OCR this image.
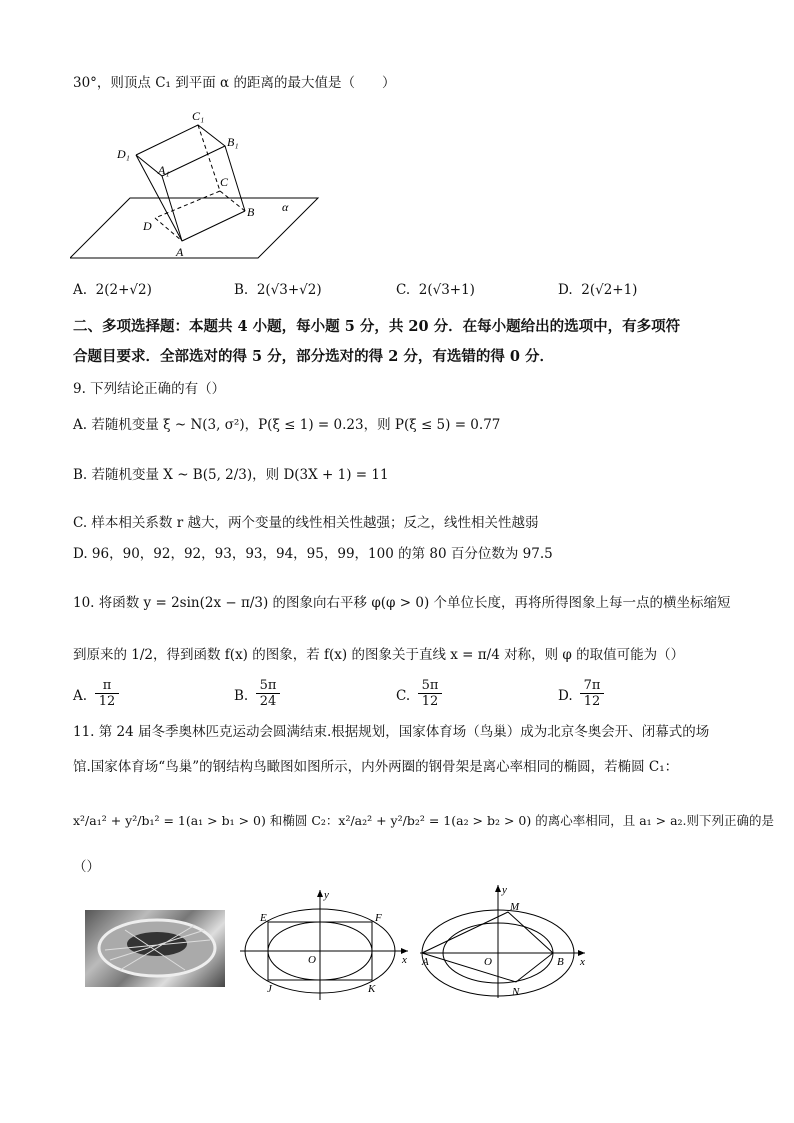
30°，则顶点 C₁ 到平面 α 的距离的最大值是（　　）
C₁
B₁
D₁
A₁
C
B
D
A
α
A. 2(2+√2)	B. 2(√3+√2)	C. 2(√3+1)	D. 2(√2+1)
二、多项选择题：本题共 4 小题，每小题 5 分，共 20 分．在每小题给出的选项中，有多项符
合题目要求．全部选对的得 5 分，部分选对的得 2 分，有选错的得 0 分．
9. 下列结论正确的有（）
A. 若随机变量 ξ ~ N(3, σ²)，P(ξ ≤ 1) = 0.23，则 P(ξ ≤ 5) = 0.77
B. 若随机变量 X ~ B(5, 2/3)，则 D(3X + 1) = 11
C. 样本相关系数 r 越大，两个变量的线性相关性越强；反之，线性相关性越弱
D. 96，90，92，92，93，93，94，95，99，100 的第 80 百分位数为 97.5
10. 将函数 y = 2sin(2x − π/3) 的图象向右平移 φ(φ > 0) 个单位长度，再将所得图象上每一点的横坐标缩短
到原来的 1/2，得到函数 f(x) 的图象，若 f(x) 的图象关于直线 x = π/4 对称，则 φ 的取值可能为（）
A. $\frac{\pi}{12}$	B. $\frac{5\pi}{24}$	C. $\frac{5\pi}{12}$	D. $\frac{7\pi}{12}$
11. 第 24 届冬季奥林匹克运动会圆满结束.根据规划，国家体育场（鸟巢）成为北京冬奥会开、闭幕式的场
馆.国家体育场“鸟巢”的钢结构鸟瞰图如图所示，内外两圈的钢骨架是离心率相同的椭圆，若椭圆 C₁：
x²/a₁² + y²/b₁² = 1(a₁ > b₁ > 0) 和椭圆 C₂：x²/a₂² + y²/b₂² = 1(a₂ > b₂ > 0) 的离心率相同，且 a₁ > a₂.则下列正确的是
（）
y
x
O
E	F
J	K
y
x
O
A	B
M
N
